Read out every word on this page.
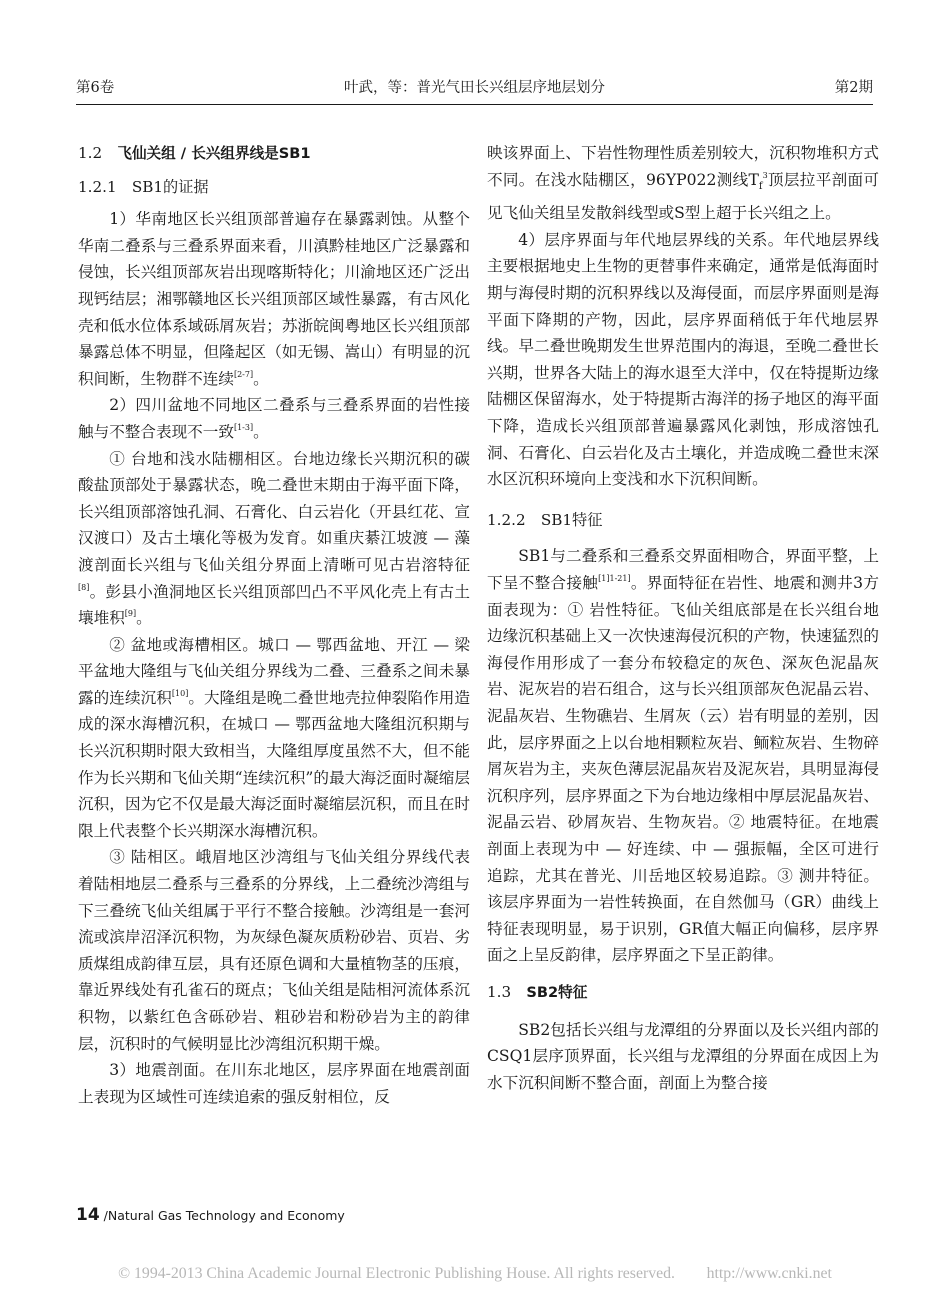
第6卷	叶武，等：普光气田长兴组层序地层划分	第2期
1.2　 飞仙关组 / 长兴组界线是SB1
1.2.1　SB1的证据

1）华南地区长兴组顶部普遍存在暴露剥蚀。从整个华南二叠系与三叠系界面来看，川滇黔桂地区广泛暴露和侵蚀，长兴组顶部灰岩出现喀斯特化；川渝地区还广泛出现钙结层；湘鄂赣地区长兴组顶部区域性暴露，有古风化壳和低水位体系域砾屑灰岩；苏浙皖闽粤地区长兴组顶部暴露总体不明显，但隆起区（如无锡、嵩山）有明显的沉积间断，生物群不连续[2-7]。

2）四川盆地不同地区二叠系与三叠系界面的岩性接触与不整合表现不一致[1-3]。

① 台地和浅水陆棚相区。台地边缘长兴期沉积的碳酸盐顶部处于暴露状态，晚二叠世末期由于海平面下降，长兴组顶部溶蚀孔洞、石膏化、白云岩化（开县红花、宣汉渡口）及古土壤化等极为发育。如重庆綦江坡渡 — 藻渡剖面长兴组与飞仙关组分界面上清晰可见古岩溶特征[8]。彭县小渔洞地区长兴组顶部凹凸不平风化壳上有古土壤堆积[9]。

② 盆地或海槽相区。城口 — 鄂西盆地、开江 — 梁平盆地大隆组与飞仙关组分界线为二叠、三叠系之间未暴露的连续沉积[10]。大隆组是晚二叠世地壳拉伸裂陷作用造成的深水海槽沉积，在城口 — 鄂西盆地大隆组沉积期与长兴沉积期时限大致相当，大隆组厚度虽然不大，但不能作为长兴期和飞仙关期“连续沉积”的最大海泛面时凝缩层沉积，因为它不仅是最大海泛面时凝缩层沉积，而且在时限上代表整个长兴期深水海槽沉积。

③ 陆相区。峨眉地区沙湾组与飞仙关组分界线代表着陆相地层二叠系与三叠系的分界线，上二叠统沙湾组与下三叠统飞仙关组属于平行不整合接触。沙湾组是一套河流或滨岸沼泽沉积物，为灰绿色凝灰质粉砂岩、页岩、劣质煤组成韵律互层，具有还原色调和大量植物茎的压痕，靠近界线处有孔雀石的斑点；飞仙关组是陆相河流体系沉积物，以紫红色含砾砂岩、粗砂岩和粉砂岩为主的韵律层，沉积时的气候明显比沙湾组沉积期干燥。

3）地震剖面。在川东北地区，层序界面在地震剖面上表现为区域性可连续追索的强反射相位，反

映该界面上、下岩性物理性质差别较大，沉积物堆积方式不同。在浅水陆棚区，96YP022测线$T_f^3$顶层拉平剖面可见飞仙关组呈发散斜线型或S型上超于长兴组之上。

4）层序界面与年代地层界线的关系。年代地层界线主要根据地史上生物的更替事件来确定，通常是低海面时期与海侵时期的沉积界线以及海侵面，而层序界面则是海平面下降期的产物，因此，层序界面稍低于年代地层界线。早二叠世晚期发生世界范围内的海退，至晚二叠世长兴期，世界各大陆上的海水退至大洋中，仅在特提斯边缘陆棚区保留海水，处于特提斯古海洋的扬子地区的海平面下降，造成长兴组顶部普遍暴露风化剥蚀，形成溶蚀孔洞、石膏化、白云岩化及古土壤化，并造成晚二叠世末深水区沉积环境向上变浅和水下沉积间断。

1.2.2　SB1特征

SB1与二叠系和三叠系交界面相吻合，界面平整，上下呈不整合接触[1]1-21]。界面特征在岩性、地震和测井3方面表现为：① 岩性特征。飞仙关组底部是在长兴组台地边缘沉积基础上又一次快速海侵沉积的产物，快速猛烈的海侵作用形成了一套分布较稳定的灰色、深灰色泥晶灰岩、泥灰岩的岩石组合，这与长兴组顶部灰色泥晶云岩、泥晶灰岩、生物礁岩、生屑灰（云）岩有明显的差别，因此，层序界面之上以台地相颗粒灰岩、鲕粒灰岩、生物碎屑灰岩为主，夹灰色薄层泥晶灰岩及泥灰岩，具明显海侵沉积序列，层序界面之下为台地边缘相中厚层泥晶灰岩、泥晶云岩、砂屑灰岩、生物灰岩。② 地震特征。在地震剖面上表现为中 — 好连续、中 — 强振幅，全区可进行追踪，尤其在普光、川岳地区较易追踪。③ 测井特征。该层序界面为一岩性转换面，在自然伽马（GR）曲线上特征表现明显，易于识别，GR值大幅正向偏移，层序界面之上呈反韵律，层序界面之下呈正韵律。

1.3　 SB2特征

SB2包括长兴组与龙潭组的分界面以及长兴组内部的CSQ1层序顶界面，长兴组与龙潭组的分界面在成因上为水下沉积间断不整合面，剖面上为整合接

14 /Natural Gas Technology and Economy
© 1994-2013 China Academic Journal Electronic Publishing House. All rights reserved.　　http://www.cnki.net
